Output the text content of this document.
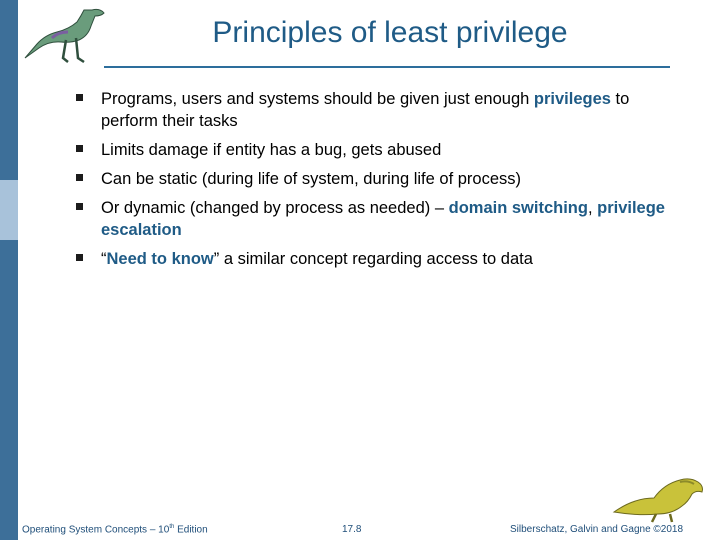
Principles of least privilege
Programs, users and systems should be given just enough privileges to perform their tasks
Limits damage if entity has a bug, gets abused
Can be static (during life of system, during life of process)
Or dynamic (changed by process as needed) – domain switching, privilege escalation
“Need to know” a similar concept regarding access to data
Operating System Concepts – 10th Edition	17.8	Silberschatz, Galvin and Gagne ©2018
